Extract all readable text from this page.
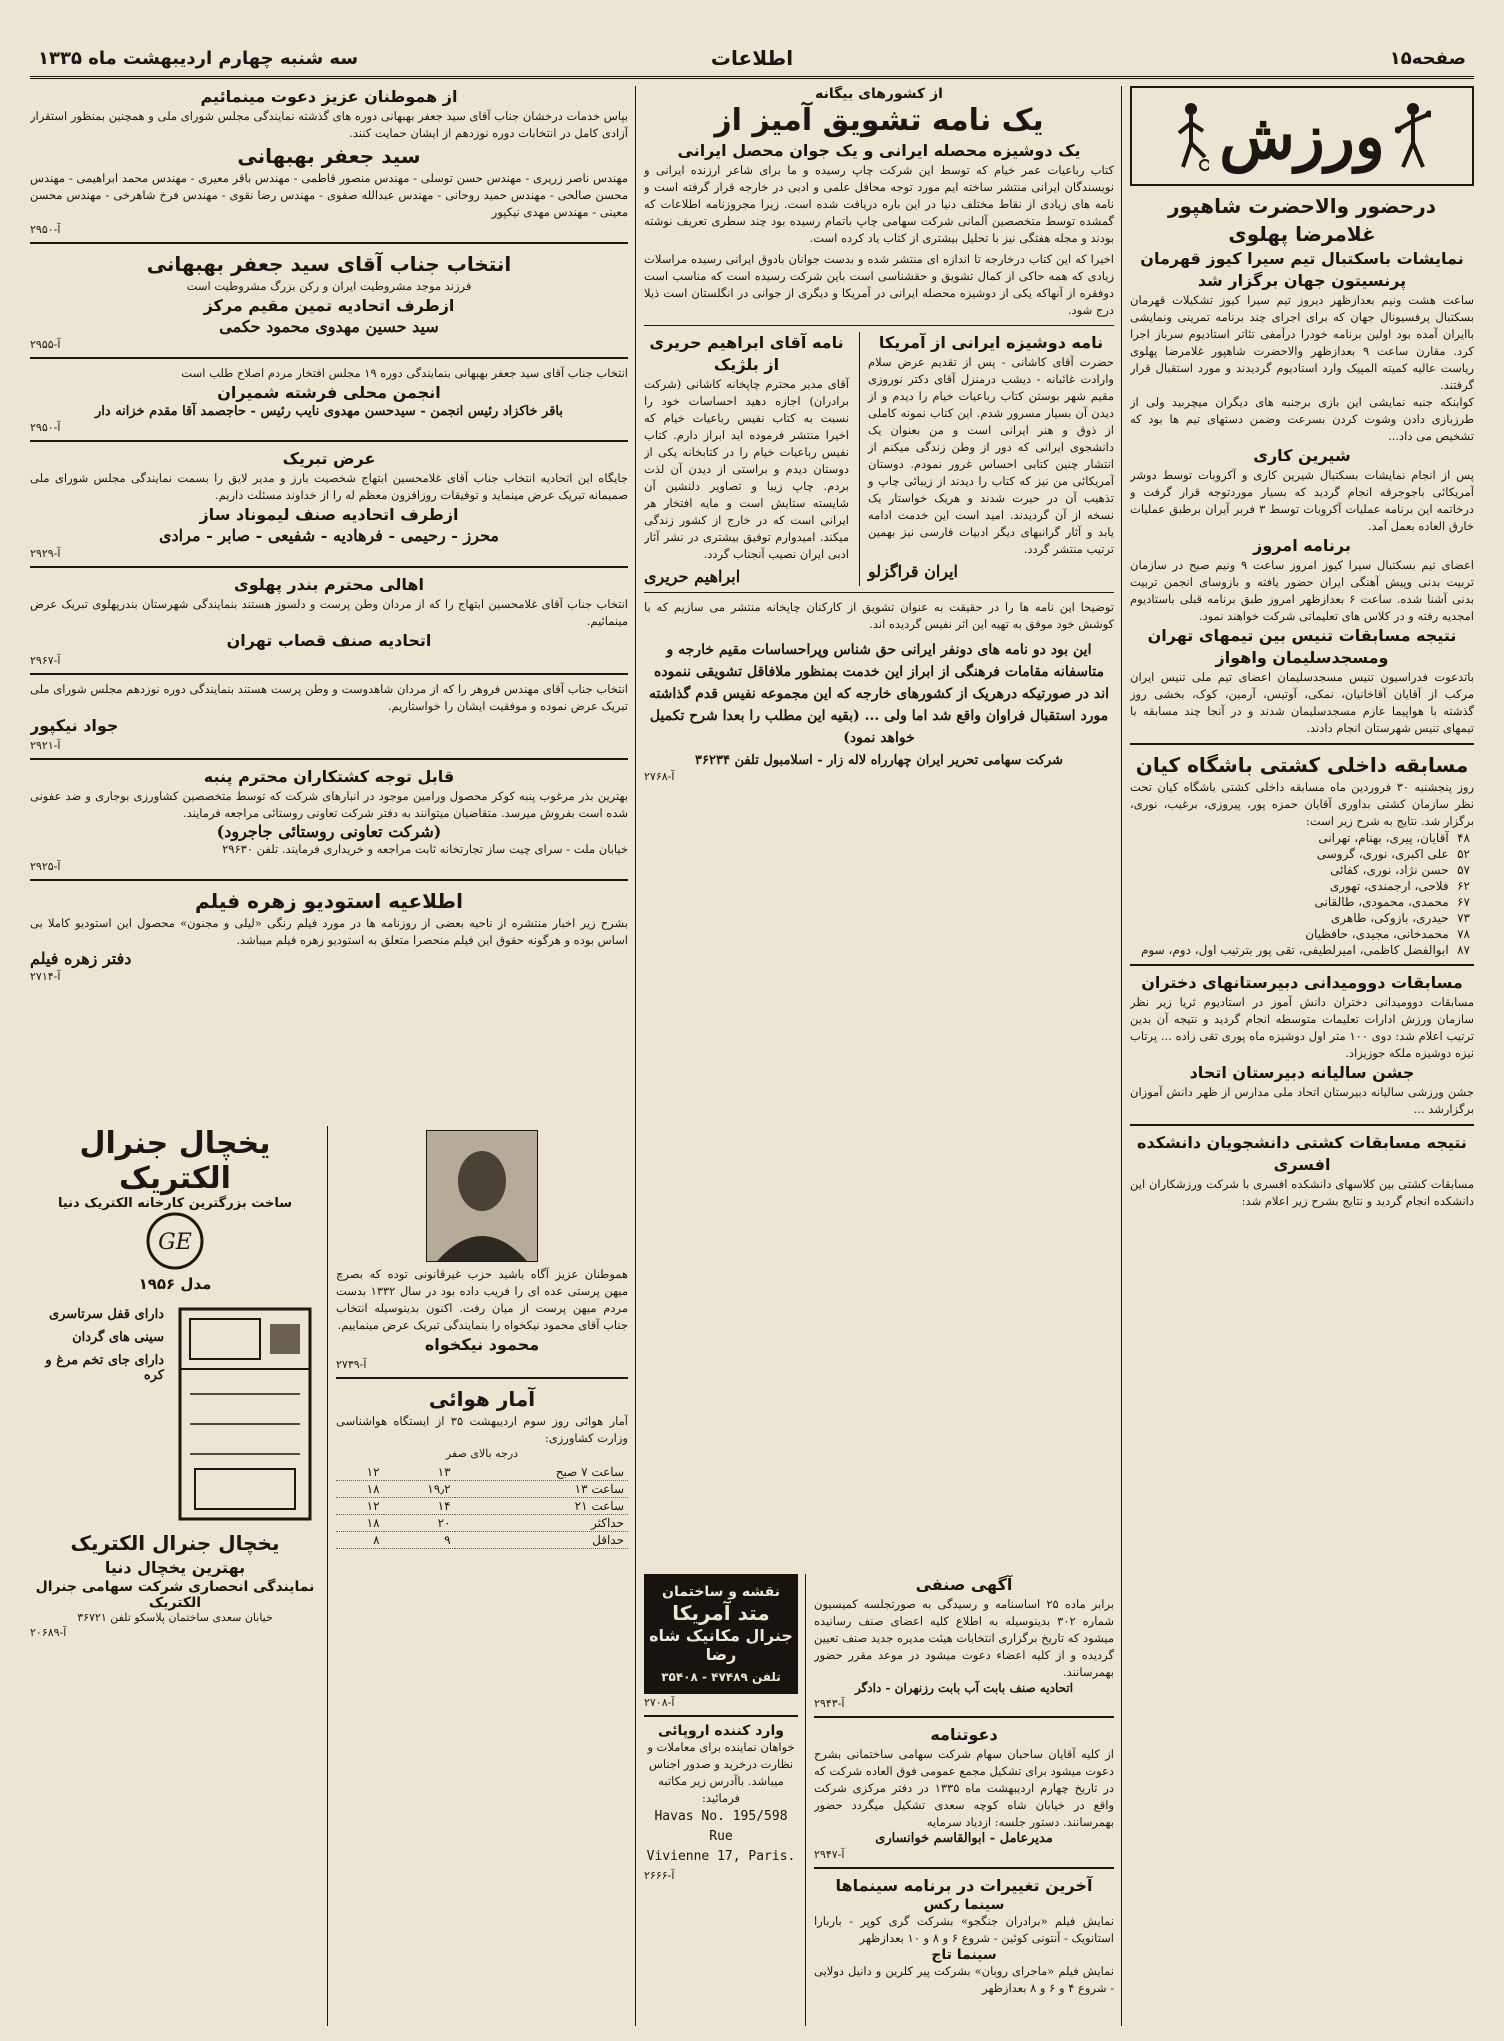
صفحه۱۵
اطلاعات
سه شنبه چهارم اردیبهشت ماه ۱۳۳۵
ورزش
درحضور والاحضرت شاهپور غلامرضا پهلوی
نمایشات باسکتبال تیم سیرا کیوز قهرمان پرنسیتون جهان برگزار شد
ساعت هشت ونیم بعدازظهر دیروز تیم سیرا کیوز تشکیلات قهرمان بسکتبال پرفسیونال جهان که برای اجرای چند برنامه تمرینی ونمایشی باایران آمده بود اولین برنامه خودرا درآمفی تئاتر استادیوم سرباز اجرا کرد. مقارن ساعت ۹ بعدازظهر والاحضرت شاهپور غلامرضا پهلوی ریاست عالیه کمیته المپیک وارد استادیوم گردیدند و مورد استقبال قرار گرفتند.
کوابنکه جنبه نمایشی این بازی برجنبه های دیگران میچربید ولی از طرزبازی دادن وشوت کردن بسرعت وضمن دستهای تیم ها بود که تشخیص می داد...
شیرین کاری
پس از انجام نمایشات بسکتبال شیرین کاری و آکروبات توسط دوشر آمریکائی باجوجرقه انجام گردید که بسیار موردتوجه قرار گرفت و درخاتمه این برنامه عملیات آکروبات توسط ۳ فربر آیران برطبق عملیات خارق العاده بعمل آمد.
برنامه امروز
اعضای تیم بسکتبال سیرا کیوز امروز ساعت ۹ ونیم صبح در سازمان تربیت بدنی وپیش آهنگی ایران حضور یافته و بازوسای انجمن تربیت بدنی آشنا شده. ساعت ۶ بعدازظهر امروز طبق برنامه قبلی باستادیوم امجدیه رفته و در کلاس های تعلیماتی شرکت خواهند نمود.
نتیجه مسابقات تنیس بین تیمهای تهران ومسجدسلیمان واهواز
باتدعوت فدراسیون تنیس مسجدسلیمان اعضای تیم ملی تنیس ایران مرکب از آقایان آقاخانیان، نمکی، آوتیس، آرمین، کوک، بخشی روز گذشته با هواپیما عازم مسجدسلیمان شدند و در آنجا چند مسابقه با تیمهای تنیس شهرستان انجام دادند.
مسابقه داخلی کشتی باشگاه کیان
روز پنجشنبه ۳۰ فروردین ماه مسابقه داخلی کشتی باشگاه کیان تحت نظر سازمان کشتی بداوری آقایان حمزه پور، پیروزی، برغیب، نوری، برگزار شد. نتایج به شرح زیر است:
۴۸	آقایان، پیری، بهنام، تهرانی
۵۲	علی اکبری، نوری، گروسی
۵۷	حسن نژاد، نوری، کفائی
۶۲	فلاحی، ارجمندی، تهوری
۶۷	محمدی، محمودی، طالقانی
۷۳	حیدری، بازوکی، طاهری
۷۸	محمدخانی، مجیدی، حافظیان
۸۷	ابوالفضل کاظمی، امیرلطیفی، تقی پور بترتیب اول، دوم، سوم
مسابقات دوومیدانی دبیرستانهای دختران
مسابقات دوومیدانی دختران دانش آموز در استادیوم ثریا زیر نظر سازمان ورزش ادارات تعلیمات متوسطه انجام گردید و نتیجه آن بدین ترتیب اعلام شد: دوی ۱۰۰ متر اول دوشیزه ماه پوری تقی زاده ... پرتاب نیزه دوشیزه ملکه جوزیزاد.
جشن سالیانه دبیرستان اتحاد
جشن ورزشی سالیانه دبیرستان اتحاد ملی مدارس از ظهر دانش آموزان برگزارشد ...
نتیجه مسابقات کشتی دانشجویان دانشکده افسری
مسابقات کشتی بین کلاسهای دانشکده افسری با شرکت ورزشکاران این دانشکده انجام گردید و نتایج بشرح زیر اعلام شد:
از کشورهای بیگانه
یک نامه تشویق آمیز از
یک دوشیزه محصله ایرانی و یک جوان محصل ایرانی
کتاب رباعیات عمر خیام که توسط این شرکت چاپ رسیده و ما برای شاعر ارزنده ایرانی و نویسندگان ایرانی منتشر ساخته ایم مورد توجه محافل علمی و ادبی در خارجه قرار گرفته است و نامه های زیادی از نقاط مختلف دنیا در این باره دریافت شده است. زیرا مجروزنامه اطلاعات که گمشده توسط متخصصین آلمانی شرکت سهامی چاپ باتمام رسیده بود چند سطری تعریف نوشته بودند و مجله هفتگی نیز با تحلیل بیشتری از کتاب یاد کرده است.
اخیرا که این کتاب درخارجه تا اندازه ای منتشر شده و بدست جوانان بادوق ایرانی رسیده مراسلات زیادی که همه حاکی از کمال تشویق و حقشناسی است باین شرکت رسیده است که مناسب است دوفقره از آنهاکه یکی از دوشیزه محصله ایرانی در آمریکا و دیگری از جوانی در انگلستان است ذیلا درج شود.
نامه دوشیزه ایرانی از آمریکا
حضرت آقای کاشانی - پس از تقدیم عرض سلام وارادت غائبانه - دیشب درمنزل آقای دکتر نوروزی مقیم شهر بوستن کتاب رباعیات خیام را دیدم و از دیدن آن بسیار مسرور شدم. این کتاب نمونه کاملی از ذوق و هنر ایرانی است و من بعنوان یک دانشجوی ایرانی که دور از وطن زندگی میکنم از انتشار چنین کتابی احساس غرور نمودم. دوستان آمریکائی من نیز که کتاب را دیدند از زیبائی چاپ و تذهیب آن در حیرت شدند و هریک خواستار یک نسخه از آن گردیدند. امید است این خدمت ادامه یابد و آثار گرانبهای دیگر ادبیات فارسی نیز بهمین ترتیب منتشر گردد.
ایران قراگزلو
نامه آقای ابراهیم حریری از بلژیک
آقای مدیر محترم چاپخانه کاشانی (شرکت برادران) اجازه دهید احساسات خود را نسبت به کتاب نفیس رباعیات خیام که اخیرا منتشر فرموده اید ابراز دارم. کتاب نفیس رباعیات خیام را در کتابخانه یکی از دوستان دیدم و براستی از دیدن آن لذت بردم. چاپ زیبا و تصاویر دلنشین آن شایسته ستایش است و مایه افتخار هر ایرانی است که در خارج از کشور زندگی میکند. امیدوارم توفیق بیشتری در نشر آثار ادبی ایران نصیب آنجناب گردد.
ابراهیم حریری
توضیحا این نامه ها را در حقیقت به عنوان تشویق از کارکنان چاپخانه منتشر می سازیم که با کوشش خود موفق به تهیه این اثر نفیس گردیده اند.
این بود دو نامه های دونفر ایرانی حق شناس وپراحساسات مقیم خارجه و متاسفانه مقامات فرهنگی از ابراز این خدمت بمنظور ملافاقل تشویقی ننموده اند در صورتیکه درهریک از کشورهای خارجه که این مجموعه نفیس قدم گذاشته مورد استقبال فراوان واقع شد اما ولی ... (بقیه این مطلب را بعدا شرح تکمیل خواهد نمود)
شرکت سهامی تحریر ایران چهارراه لاله زار - اسلامبول تلفن ۳۶۲۳۴
آ-۲۷۶۸
آگهی صنفی
برابر ماده ۲۵ اساسنامه و رسیدگی به صورتجلسه کمیسیون شماره ۳۰۲ بدینوسیله به اطلاع کلیه اعضای صنف رسانیده میشود که تاریخ برگزاری انتخابات هیئت مدیره جدید صنف تعیین گردیده و از کلیه اعضاء دعوت میشود در موعد مقرر حضور بهمرسانند.
اتحادیه صنف بابت آب بابت رزنهران - دادگر
آ-۲۹۴۳
دعوتنامه
از کلیه آقایان ساحبان سهام شرکت سهامی ساختمانی بشرح دعوت میشود برای تشکیل مجمع عمومی فوق العاده شرکت که در تاریخ چهارم اردیبهشت ماه ۱۳۳۵ در دفتر مرکزی شرکت واقع در خیابان شاه کوچه سعدی تشکیل میگردد حضور بهمرسانند. دستور جلسه: ازدیاد سرمایه
مدیرعامل - ابوالقاسم خوانساری
آ-۲۹۴۷
آخرین تغییرات در برنامه سینماها
سینما رکس
نمایش فیلم «برادران جنگجو» بشرکت گری کوپر - باربارا استانویک - آنتونی کوئین - شروع ۶ و ۸ و ۱۰ بعدازظهر
سینما تاج
نمایش فیلم «ماجرای روبان» بشرکت پیر کلرین و دانیل دولایی - شروع ۴ و ۶ و ۸ بعدازظهر
نقشه و ساختمان
متد آمریکا
جنرال مکانیک شاه رضا
تلفن ۴۷۴۸۹ - ۳۵۴۰۸
آ-۲۷۰۸
وارد کننده اروپائی
خواهان نماینده برای معاملات و نظارت درخرید و صدور اجناس میباشد. باآدرس زیر مکاتبه فرمائید:
Havas No. 195/598 Rue
Vivienne 17, Paris.
آ-۲۶۶۶
از هموطنان عزیز دعوت مینمائیم
بپاس خدمات درخشان جناب آقای سید جعفر بهبهانی دوره های گذشته نمایندگی مجلس شورای ملی و همچنین بمنظور استقرار آزادی کامل در انتخابات دوره نوزدهم از ایشان حمایت کنند.
سید جعفر بهبهانی
مهندس ناصر زریری - مهندس حسن توسلی - مهندس منصور قاطمی - مهندس باقر معیری - مهندس محمد ابراهیمی - مهندس محسن صالحی - مهندس حمید روحانی - مهندس عبدالله صفوی - مهندس رضا نقوی - مهندس فرخ شاهرخی - مهندس محسن معینی - مهندس مهدی نیکپور
آ-۲۹۵۰
انتخاب جناب آقای سید جعفر بهبهانی
فرزند موجد مشروطیت ایران و رکن بزرگ مشروطیت است
ازطرف اتحادیه تمین مقیم مرکز
سید حسین مهدوی محمود حکمی
آ-۲۹۵۵
انتخاب جناب آقای سید جعفر بهبهانی بنمایندگی دوره ۱۹ مجلس افتخار مردم اصلاح طلب است
انجمن محلی فرشته شمیران
باقر خاکزاد رئیس انجمن - سیدحسن مهدوی نایب رئیس - حاجصمد آقا مقدم خزانه دار
آ-۲۹۵۰
عرض تبریک
جایگاه این اتحادیه انتخاب جناب آقای غلامحسین ابتهاج شخصیت بارز و مدیر لایق را بسمت نمایندگی مجلس شورای ملی صمیمانه تبریک عرض مینماید و توفیقات روزافزون معظم له را از خداوند مسئلت داریم.
ازطرف اتحادیه صنف لیموناد ساز
محرز - رحیمی - فرهادیه - شفیعی - صابر - مرادی
آ-۲۹۲۹
اهالی محترم بندر پهلوی
انتخاب جناب آقای غلامحسین ابتهاج را که از مردان وطن پرست و دلسوز هستند بنمایندگی شهرستان بندرپهلوی تبریک عرض مینمائیم.
اتحادیه صنف قصاب تهران
آ-۲۹۶۷
انتخاب جناب آقای مهندس فروهر را که از مردان شاهدوست و وطن پرست هستند بنمایندگی دوره نوزدهم مجلس شورای ملی تبریک عرض نموده و موفقیت ایشان را خواستاریم.
جواد نیکپور
آ-۲۹۲۱
قابل توجه کشتکاران محترم پنبه
بهترین بذر مرغوب پنبه کوکر محصول ورامین موجود در انبارهای شرکت که توسط متخصصین کشاورزی بوجاری و ضد عفونی شده است بفروش میرسد. متقاضیان میتوانند به دفتر شرکت تعاونی روستائی مراجعه فرمایند.
(شرکت تعاونی روستائی جاجرود)
خیابان ملت - سرای چیت ساز تجارتخانه ثابت مراجعه و خریداری فرمایند. تلفن ۲۹۶۳۰
آ-۲۹۲۵
اطلاعیه استودیو زهره فیلم
بشرح زیر اخبار منتشره از ناحیه بعضی از روزنامه ها در مورد فیلم رنگی «لیلی و مجنون» محصول این استودیو کاملا بی اساس بوده و هرگونه حقوق این فیلم منحصرا متعلق به استودیو زهره فیلم میباشد.
دفتر زهره فیلم
آ-۲۷۱۴
هموطنان عزیز آگاه باشید حزب غیرقانونی توده که بصرچ میهن پرستی عده ای را فریب داده بود در سال ۱۳۳۲ بدست مردم میهن پرست از میان رفت. اکنون بدینوسیله انتخاب جناب آقای محمود نیکخواه را بنمایندگی تبریک عرض مینماییم.
محمود نیکخواه
آ-۲۷۳۹
آمار هوائی
آمار هوائی روز سوم اردیبهشت ۳۵ از ایستگاه هواشناسی وزارت کشاورزی:
درجه بالای صفر
ساعت ۷ صبح	۱۳	۱۲
ساعت ۱۳	۱۹٫۲	۱۸
ساعت ۲۱	۱۴	۱۲
حداکثر	۲۰	۱۸
حداقل	۹	۸
یخچال جنرال الکتریک
ساخت بزرگترین کارخانه الکتریک دنیا
GE
مدل ۱۹۵۶
دارای قفل سرتاسری
سینی های گردان
دارای جای تخم مرغ و کره
یخچال جنرال الکتریک
بهترین یخچال دنیا
نمایندگی انحصاری شرکت سهامی جنرال الکتریک
خیابان سعدی ساختمان پلاسکو تلفن ۳۶۷۲۱
آ-۲۰۶۸۹
